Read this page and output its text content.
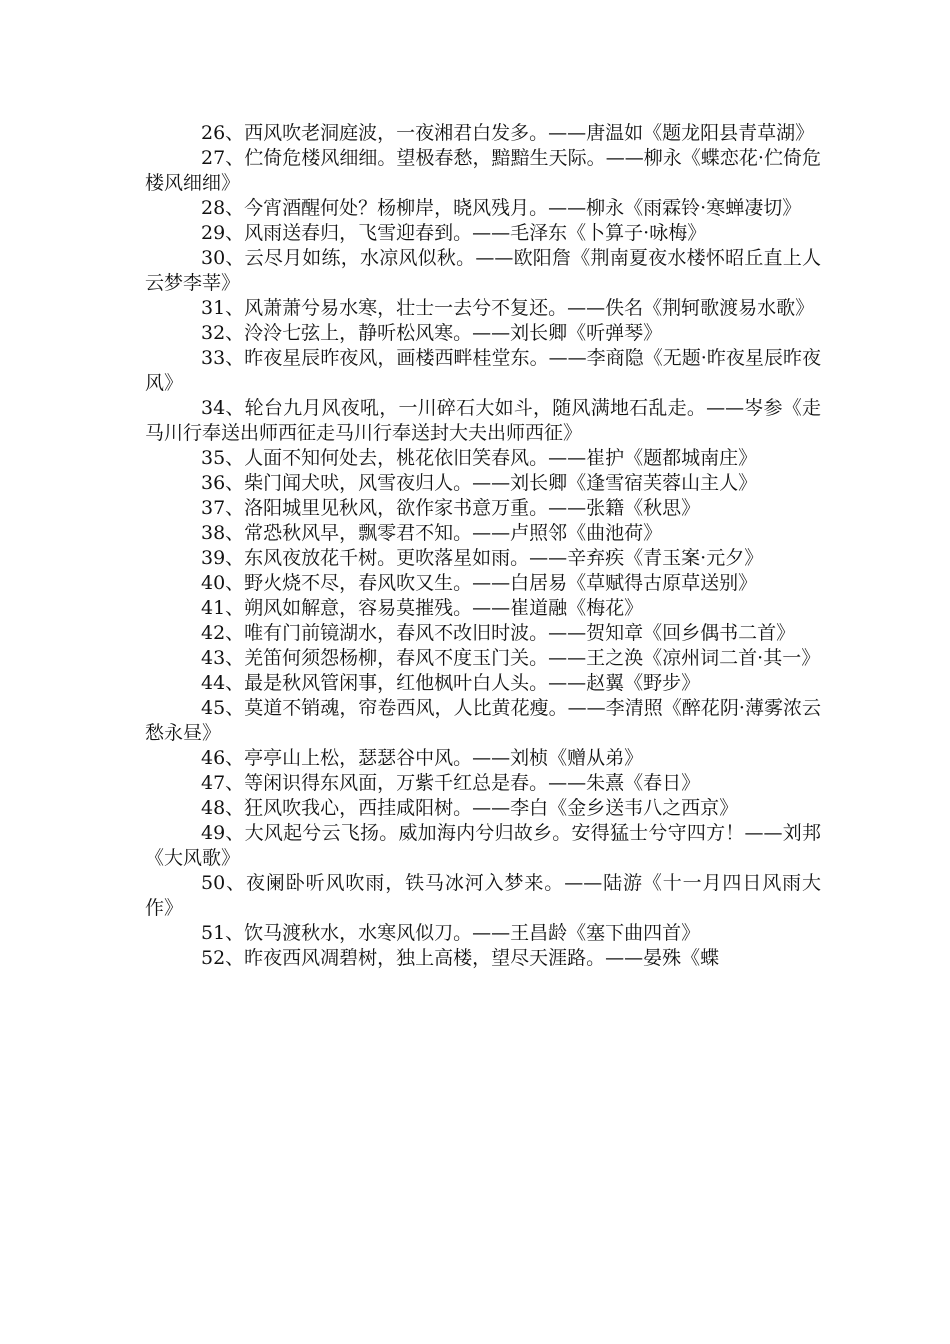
26、西风吹老洞庭波，一夜湘君白发多。——唐温如《题龙阳县青草湖》

27、伫倚危楼风细细。望极春愁，黯黯生天际。——柳永《蝶恋花·伫倚危楼风细细》

28、今宵酒醒何处？杨柳岸，晓风残月。——柳永《雨霖铃·寒蝉凄切》

29、风雨送春归，飞雪迎春到。——毛泽东《卜算子·咏梅》

30、云尽月如练，水凉风似秋。——欧阳詹《荆南夏夜水楼怀昭丘直上人云梦李莘》

31、风萧萧兮易水寒，壮士一去兮不复还。——佚名《荆轲歌渡易水歌》

32、泠泠七弦上，静听松风寒。——刘长卿《听弹琴》

33、昨夜星辰昨夜风，画楼西畔桂堂东。——李商隐《无题·昨夜星辰昨夜风》

34、轮台九月风夜吼，一川碎石大如斗，随风满地石乱走。——岑参《走马川行奉送出师西征走马川行奉送封大夫出师西征》

35、人面不知何处去，桃花依旧笑春风。——崔护《题都城南庄》

36、柴门闻犬吠，风雪夜归人。——刘长卿《逢雪宿芙蓉山主人》

37、洛阳城里见秋风，欲作家书意万重。——张籍《秋思》

38、常恐秋风早，飘零君不知。——卢照邻《曲池荷》

39、东风夜放花千树。更吹落星如雨。——辛弃疾《青玉案·元夕》

40、野火烧不尽，春风吹又生。——白居易《草赋得古原草送别》

41、朔风如解意，容易莫摧残。——崔道融《梅花》

42、唯有门前镜湖水，春风不改旧时波。——贺知章《回乡偶书二首》

43、羌笛何须怨杨柳，春风不度玉门关。——王之涣《凉州词二首·其一》

44、最是秋风管闲事，红他枫叶白人头。——赵翼《野步》

45、莫道不销魂，帘卷西风，人比黄花瘦。——李清照《醉花阴·薄雾浓云愁永昼》

46、亭亭山上松，瑟瑟谷中风。——刘桢《赠从弟》

47、等闲识得东风面，万紫千红总是春。——朱熹《春日》

48、狂风吹我心，西挂咸阳树。——李白《金乡送韦八之西京》

49、大风起兮云飞扬。威加海内兮归故乡。安得猛士兮守四方！——刘邦《大风歌》

50、夜阑卧听风吹雨，铁马冰河入梦来。——陆游《十一月四日风雨大作》

51、饮马渡秋水，水寒风似刀。——王昌龄《塞下曲四首》

52、昨夜西风凋碧树，独上高楼，望尽天涯路。——晏殊《蝶
